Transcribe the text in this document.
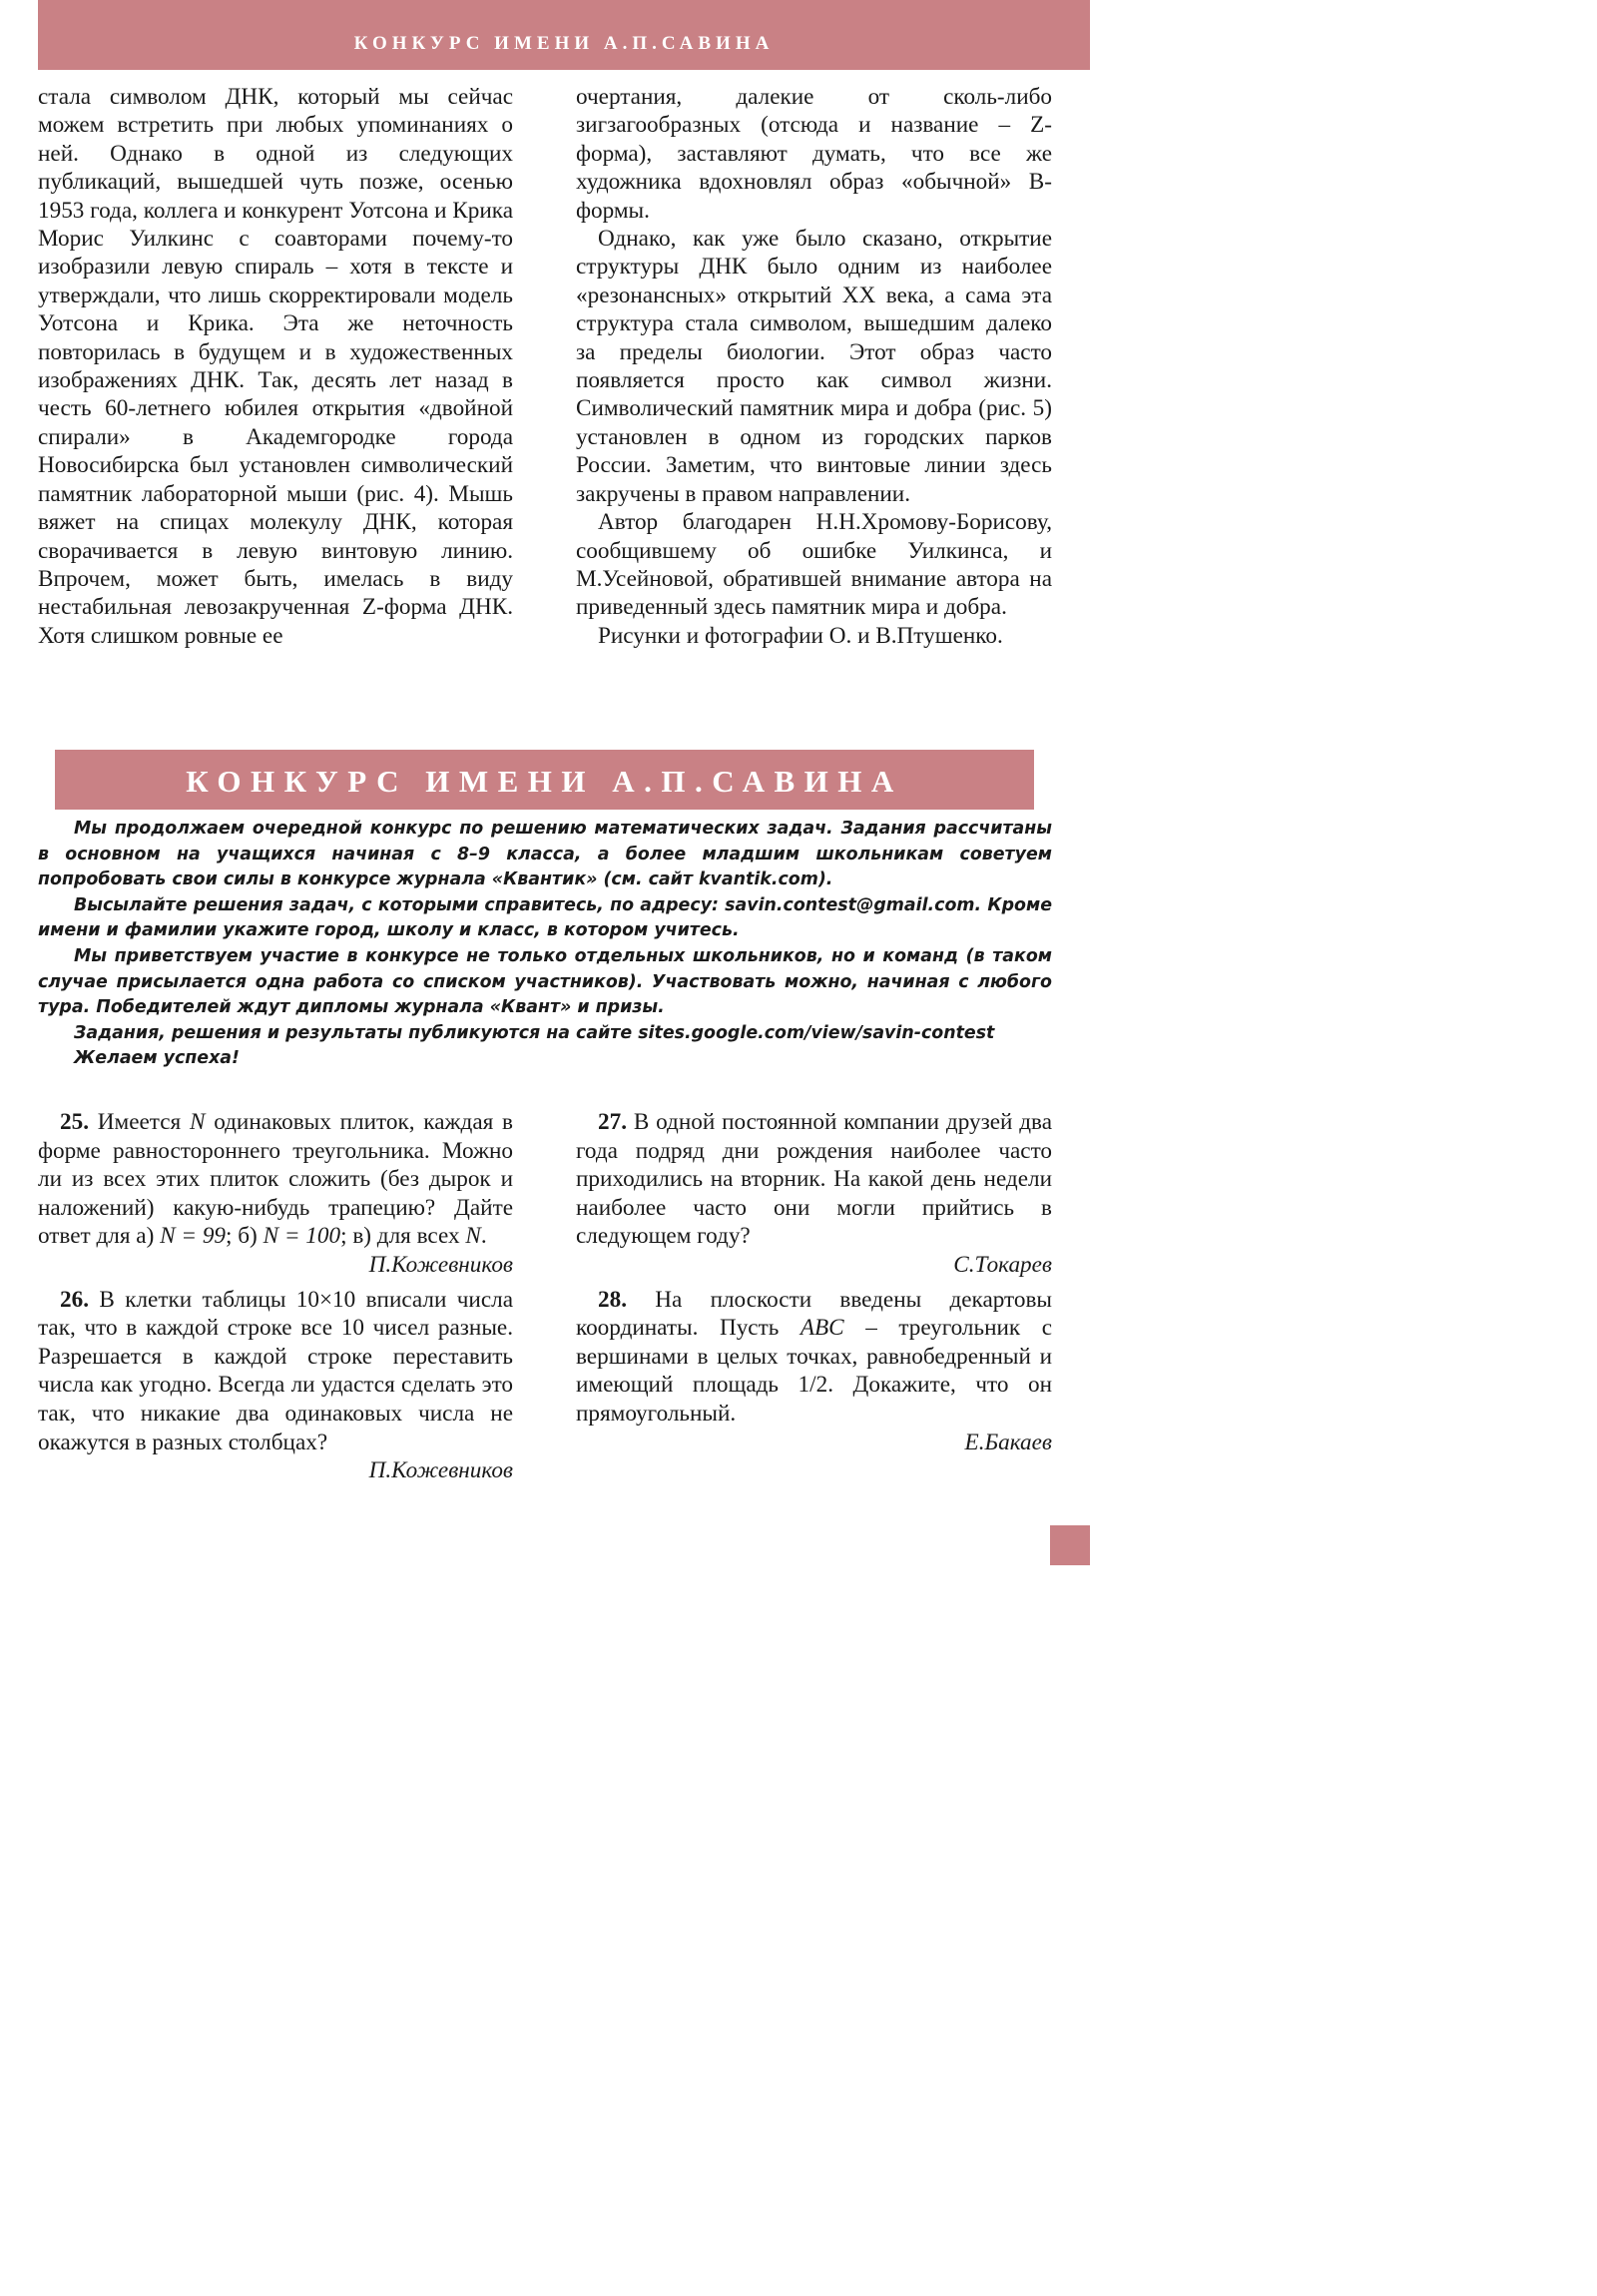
КОНКУРС ИМЕНИ А.П.САВИНА

стала символом ДНК, который мы сейчас можем встретить при любых упоминаниях о ней. Однако в одной из следующих публикаций, вышедшей чуть позже, осенью 1953 года, коллега и конкурент Уотсона и Крика Морис Уилкинс с соавторами почему-то изобразили левую спираль – хотя в тексте и утверждали, что лишь скорректировали модель Уотсона и Крика. Эта же неточность повторилась в будущем и в художественных изображениях ДНК. Так, десять лет назад в честь 60-летнего юбилея открытия «двойной спирали» в Академгородке города Новосибирска был установлен символический памятник лабораторной мыши (рис. 4). Мышь вяжет на спицах молекулу ДНК, которая сворачивается в левую винтовую линию. Впрочем, может быть, имелась в виду нестабильная левозакрученная Z-форма ДНК. Хотя слишком ровные ее

очертания, далекие от сколь-либо зигзагообразных (отсюда и название – Z-форма), заставляют думать, что все же художника вдохновлял образ «обычной» B-формы.

Однако, как уже было сказано, открытие структуры ДНК было одним из наиболее «резонансных» открытий XX века, а сама эта структура стала символом, вышедшим далеко за пределы биологии. Этот образ часто появляется просто как символ жизни. Символический памятник мира и добра (рис. 5) установлен в одном из городских парков России. Заметим, что винтовые линии здесь закручены в правом направлении.

Автор благодарен Н.Н.Хромову-Борисову, сообщившему об ошибке Уилкинса, и М.Усейновой, обратившей внимание автора на приведенный здесь памятник мира и добра.

Рисунки и фотографии О. и В.Птушенко.

КОНКУРС ИМЕНИ А.П.САВИНА

Мы продолжаем очередной конкурс по решению математических задач. Задания рассчитаны в основном на учащихся начиная с 8–9 класса, а более младшим школьникам советуем попробовать свои силы в конкурсе журнала «Квантик» (см. сайт kvantik.com).

Высылайте решения задач, с которыми справитесь, по адресу: savin.contest@gmail.com. Кроме имени и фамилии укажите город, школу и класс, в котором учитесь.

Мы приветствуем участие в конкурсе не только отдельных школьников, но и команд (в таком случае присылается одна работа со списком участников). Участвовать можно, начиная с любого тура. Победителей ждут дипломы журнала «Квант» и призы.

Задания, решения и результаты публикуются на сайте sites.google.com/view/savin-contest

Желаем успеха!

25. Имеется N одинаковых плиток, каждая в форме равностороннего треугольника. Можно ли из всех этих плиток сложить (без дырок и наложений) какую-нибудь трапецию? Дайте ответ для а) N = 99; б) N = 100; в) для всех N.

П.Кожевников

26. В клетки таблицы 10×10 вписали числа так, что в каждой строке все 10 чисел разные. Разрешается в каждой строке переставить числа как угодно. Всегда ли удастся сделать это так, что никакие два одинаковых числа не окажутся в разных столбцах?

П.Кожевников

27. В одной постоянной компании друзей два года подряд дни рождения наиболее часто приходились на вторник. На какой день недели наиболее часто они могли прийтись в следующем году?

С.Токарев

28. На плоскости введены декартовы координаты. Пусть ABC – треугольник с вершинами в целых точках, равнобедренный и имеющий площадь 1/2. Докажите, что он прямоугольный.

Е.Бакаев
